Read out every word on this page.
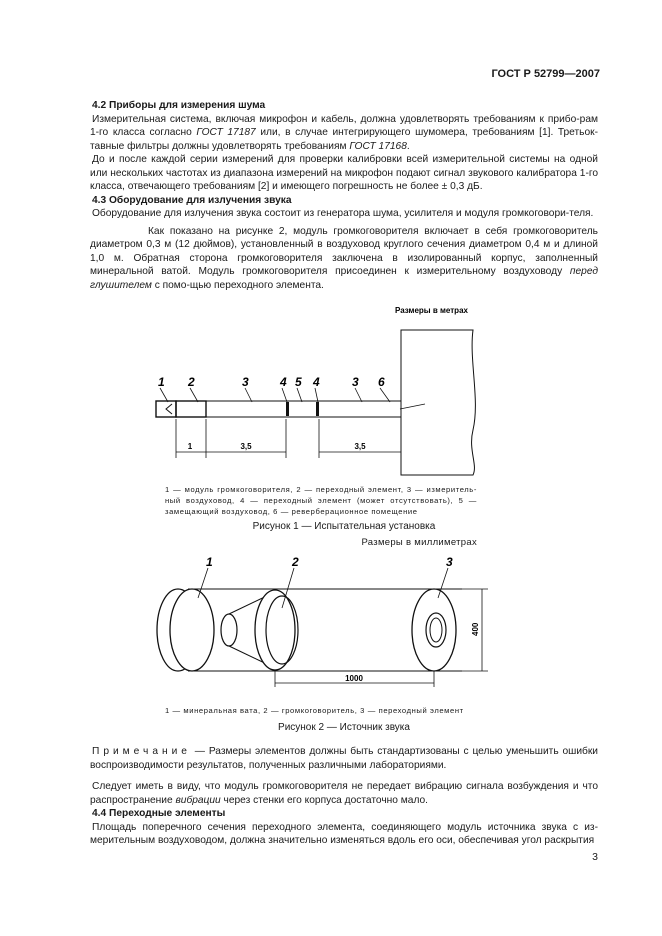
ГОСТ Р 52799—2007

4.2 Приборы для измерения шума

Измерительная система, включая микрофон и кабель, должна удовлетворять требованиям к прибо-рам 1-го класса согласно ГОСТ 17187 или, в случае интегрирующего шумомера, требованиям [1]. Третьок-тавные фильтры должны удовлетворять требованиям ГОСТ 17168.

До и после каждой серии измерений для проверки калибровки всей измерительной системы на одной или нескольких частотах из диапазона измерений на микрофон подают сигнал звукового калибратора 1-го класса, отвечающего требованиям [2] и имеющего погрешность не более ± 0,3 дБ.

4.3 Оборудование для излучения звука

Оборудование для излучения звука состоит из генератора шума, усилителя и модуля громкоговори-теля.

Как показано на рисунке 2, модуль громкоговорителя включает в себя громкоговоритель диаметром 0,3 м (12 дюймов), установленный в воздуховод круглого сечения диаметром 0,4 м и длиной 1,0 м. Обратная сторона громкоговорителя заключена в изолированный корпус, заполненный минеральной ватой. Модуль громкоговорителя присоединен к измерительному воздуховоду перед глушителем с помо-щью переходного элемента.

Размеры в метрах
1 2	3	4 5 4	3 6
1	3,5	3,5
1 — модуль громкоговорителя, 2 — переходный элемент, 3 — измеритель-ный воздуховод, 4 — переходный элемент (может отсутствовать), 5 — замещающий воздуховод, 6 — реверберационное помещение
Рисунок 1 — Испытательная установка
Размеры в миллиметрах
1	2	3
400
1000
1 — минеральная вата, 2 — громкоговоритель, 3 — переходный элемент
Рисунок 2 — Источник звука

Примечание — Размеры элементов должны быть стандартизованы с целью уменьшить ошибки воспроизводимости результатов, полученных различными лабораториями.

Следует иметь в виду, что модуль громкоговорителя не передает вибрацию сигнала возбуждения и что распространение вибрации через стенки его корпуса достаточно мало.

4.4 Переходные элементы

Площадь поперечного сечения переходного элемента, соединяющего модуль источника звука с из-мерительным воздуховодом, должна значительно изменяться вдоль его оси, обеспечивая угол раскрытия

3
